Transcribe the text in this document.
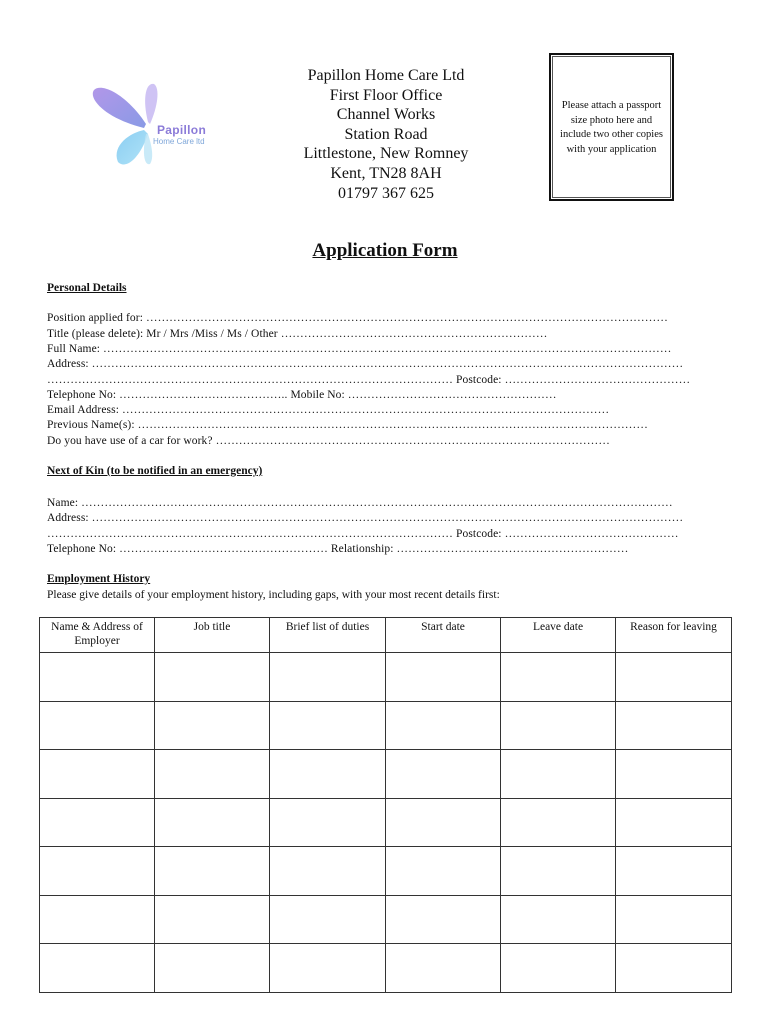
Papillon
Home Care ltd
Papillon Home Care Ltd
First Floor Office
Channel Works
Station Road
Littlestone, New Romney
Kent, TN28 8AH
01797 367 625
Please attach a passport
size photo here and
include two other copies
with your application
Application Form
Personal Details
Position applied for: ………………………………………………………………………………………………………………………
Title (please delete): Mr / Mrs /Miss / Ms / Other ……………………………………………………………
Full Name: …………………………………………………………………………………………………………………………………
Address: ………………………………………………………………………………………………………………………………………
…………………………………………………………………………………………… Postcode: …………………………………………
Telephone No: …………………………………….. Mobile No: ………………………………………………
Email Address: ………………………………………………………………………………………………………………
Previous Name(s): ……………………………………………………………………………………………………………………
Do you have use of a car for work? …………………………………………………………………………………………
Next of Kin (to be notified in an emergency)
Name: ………………………………………………………………………………………………………………………………………
Address: ………………………………………………………………………………………………………………………………………
…………………………………………………………………………………………… Postcode: ………………………………………
Telephone No: ……………………………………………… Relationship: ……………………………………………………
Employment History
Please give details of your employment history, including gaps, with your most recent details first:
Name & Address of Employer	Job title	Brief list of duties	Start date	Leave date	Reason for leaving
